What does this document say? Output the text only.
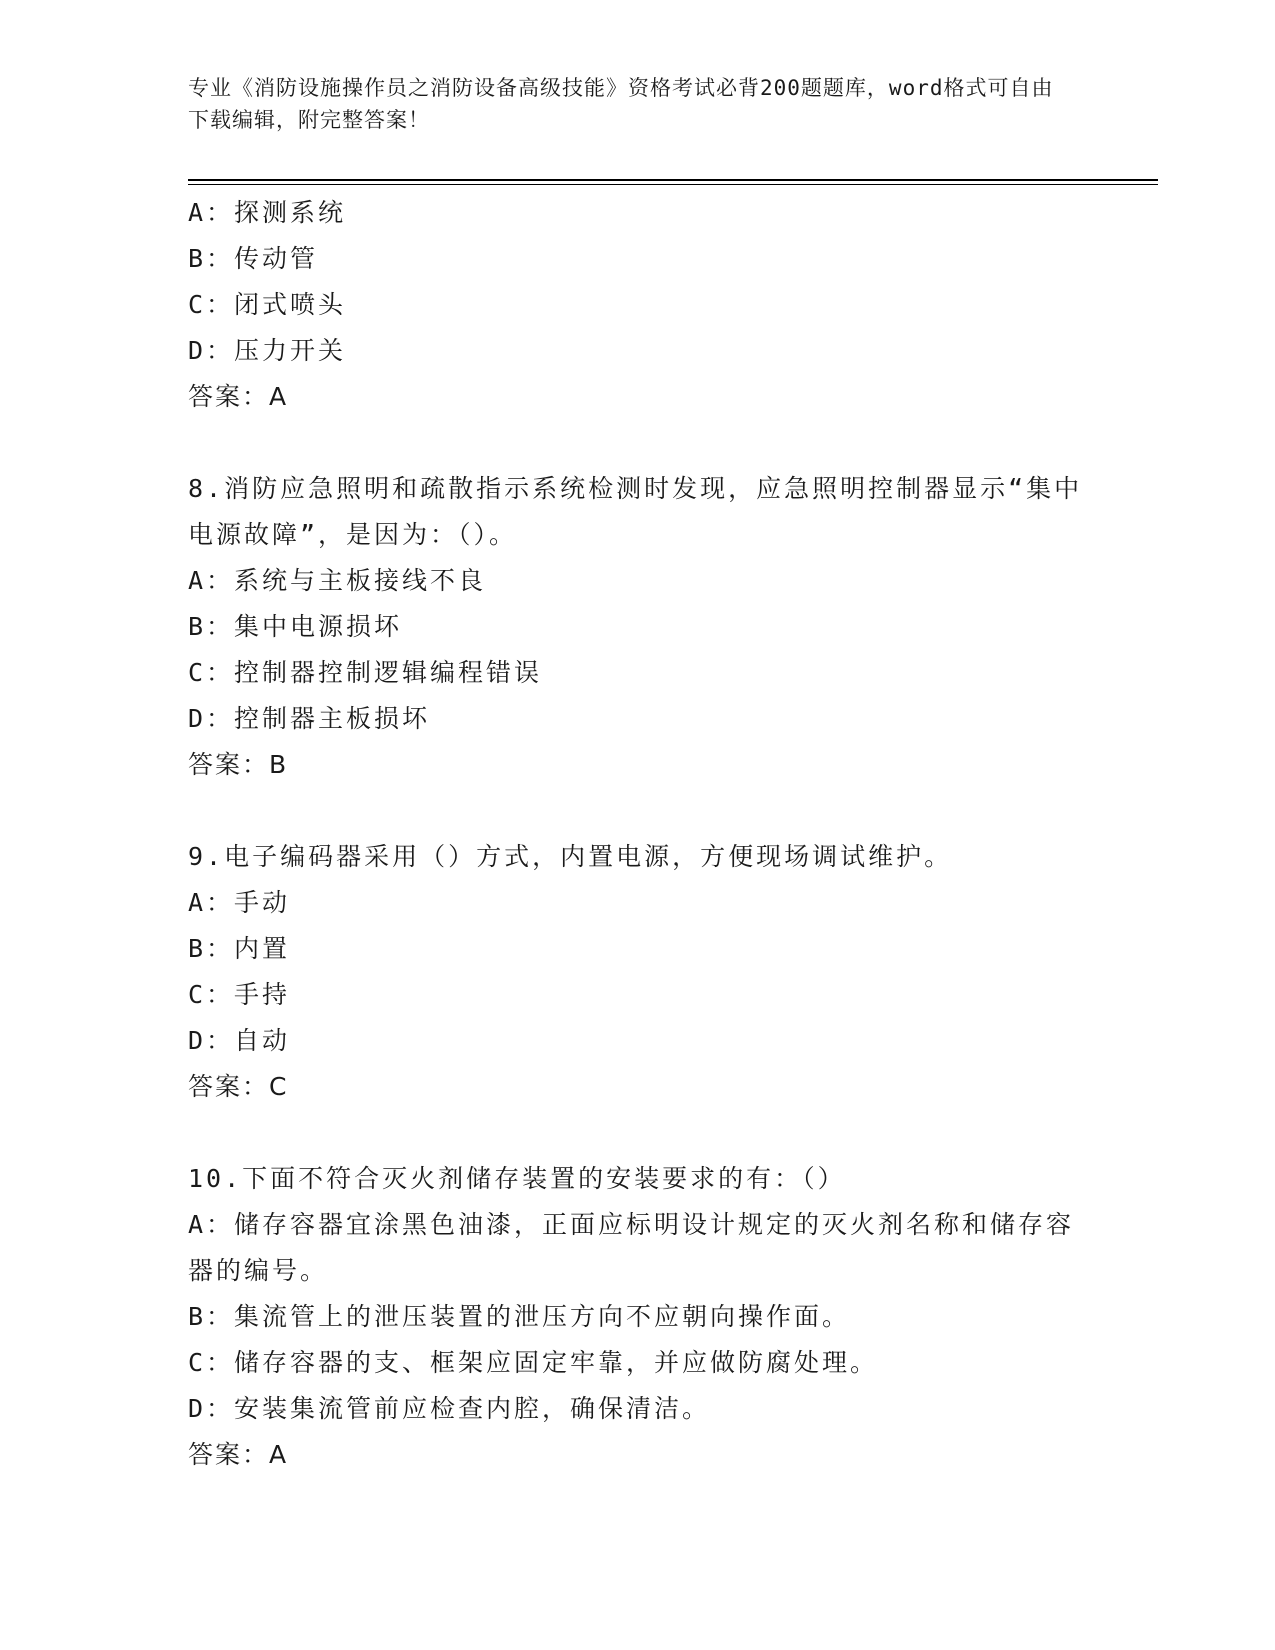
专业《消防设施操作员之消防设备高级技能》资格考试必背200题题库，word格式可自由下载编辑，附完整答案！
A：探测系统
B：传动管
C：闭式喷头
D：压力开关
答案：A
8.消防应急照明和疏散指示系统检测时发现，应急照明控制器显示“集中电源故障”，是因为：（）。
A：系统与主板接线不良
B：集中电源损坏
C：控制器控制逻辑编程错误
D：控制器主板损坏
答案：B
9.电子编码器采用（）方式，内置电源，方便现场调试维护。
A：手动
B：内置
C：手持
D：自动
答案：C
10.下面不符合灭火剂储存装置的安装要求的有：（）
A：储存容器宜涂黑色油漆，正面应标明设计规定的灭火剂名称和储存容器的编号。
B：集流管上的泄压装置的泄压方向不应朝向操作面。
C：储存容器的支、框架应固定牢靠，并应做防腐处理。
D：安装集流管前应检查内腔，确保清洁。
答案：A
